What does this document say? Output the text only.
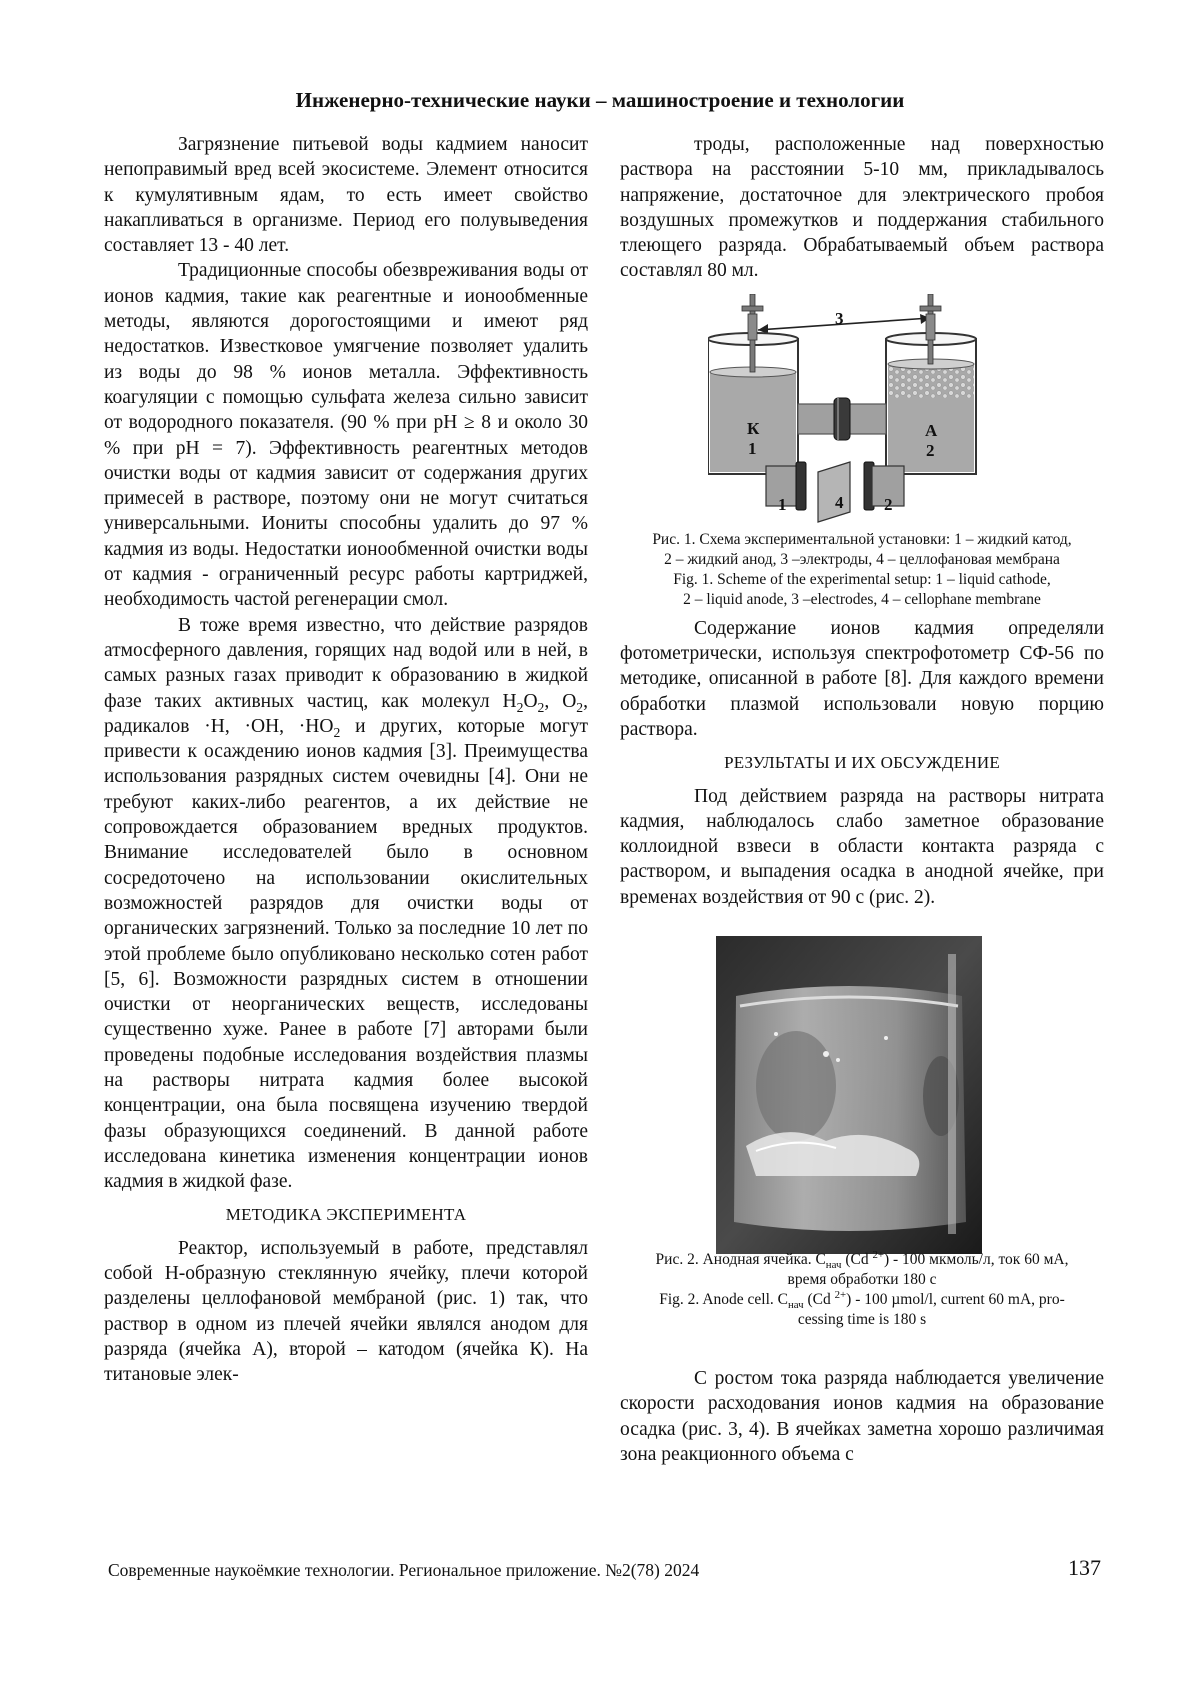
Инженерно-технические науки – машиностроение и технологии

Загрязнение питьевой воды кадмием наносит непоправимый вред всей экосистеме. Элемент относится к кумулятивным ядам, то есть имеет свойство накапливаться в организме. Период его полувыведения составляет 13 - 40 лет.

Традиционные способы обезвреживания воды от ионов кадмия, такие как реагентные и ионообменные методы, являются дорогостоящими и имеют ряд недостатков. Известковое умягчение позволяет удалить из воды до 98 % ионов металла. Эффективность коагуляции с помощью сульфата железа сильно зависит от водородного показателя. (90 % при pH ≥ 8 и около 30 % при pH = 7). Эффективность реагентных методов очистки воды от кадмия зависит от содержания других примесей в растворе, поэтому они не могут считаться универсальными. Иониты способны удалить до 97 % кадмия из воды. Недостатки ионообменной очистки воды от кадмия - ограниченный ресурс работы картриджей, необходимость частой регенерации смол.

В тоже время известно, что действие разрядов атмосферного давления, горящих над водой или в ней, в самых разных газах приводит к образованию в жидкой фазе таких активных частиц, как молекул $H_2O_2$, $O_2$, радикалов ·H, ·OH, $\cdot HO_2$ и других, которые могут привести к осаждению ионов кадмия [3]. Преимущества использования разрядных систем очевидны [4]. Они не требуют каких-либо реагентов, а их действие не сопровождается образованием вредных продуктов. Внимание исследователей было в основном сосредоточено на использовании окислительных возможностей разрядов для очистки воды от органических загрязнений. Только за последние 10 лет по этой проблеме было опубликовано несколько сотен работ [5, 6]. Возможности разрядных систем в отношении очистки от неорганических веществ, исследованы существенно хуже. Ранее в работе [7] авторами были проведены подобные исследования воздействия плазмы на растворы нитрата кадмия более высокой концентрации, она была посвящена изучению твердой фазы образующихся соединений. В данной работе исследована кинетика изменения концентрации ионов кадмия в жидкой фазе.

МЕТОДИКА ЭКСПЕРИМЕНТА

Реактор, используемый в работе, представлял собой H-образную стеклянную ячейку, плечи которой разделены целлофановой мембраной (рис. 1) так, что раствор в одном из плечей ячейки являлся анодом для разряда (ячейка А), второй – катодом (ячейка К). На титановые элек-

троды, расположенные над поверхностью раствора на расстоянии 5-10 мм, прикладывалось напряжение, достаточное для электрического пробоя воздушных промежутков и поддержания стабильного тлеющего разряда. Обрабатываемый объем раствора составлял 80 мл.

3
К
1
А
2
1	4 2
Рис. 1. Схема экспериментальной установки: 1 – жидкий катод,
2 – жидкий анод, 3 –электроды, 4 – целлофановая мембрана
Fig. 1. Scheme of the experimental setup: 1 – liquid cathode,
2 – liquid anode, 3 –electrodes, 4 – cellophane membrane

Содержание ионов кадмия определяли фотометрически, используя спектрофотометр СФ-56 по методике, описанной в работе [8]. Для каждого времени обработки плазмой использовали новую порцию раствора.

РЕЗУЛЬТАТЫ И ИХ ОБСУЖДЕНИЕ

Под действием разряда на растворы нитрата кадмия, наблюдалось слабо заметное образование коллоидной взвеси в области контакта разряда с раствором, и выпадения осадка в анодной ячейке, при временах воздействия от 90 с (рис. 2).

Рис. 2. Анодная ячейка. $C_{нач}$ (Cd $^{2+}$) - 100 мкмоль/л, ток 60 мА,
время обработки 180 с
Fig. 2. Anode cell. $C_{нач}$ (Cd $^{2+}$) - 100 µmol/l, current 60 mA, pro-
cessing time is 180 s

С ростом тока разряда наблюдается увеличение скорости расходования ионов кадмия на образование осадка (рис. 3, 4). В ячейках заметна хорошо различимая зона реакционного объема с

Современные наукоёмкие технологии. Региональное приложение. №2(78) 2024	137
